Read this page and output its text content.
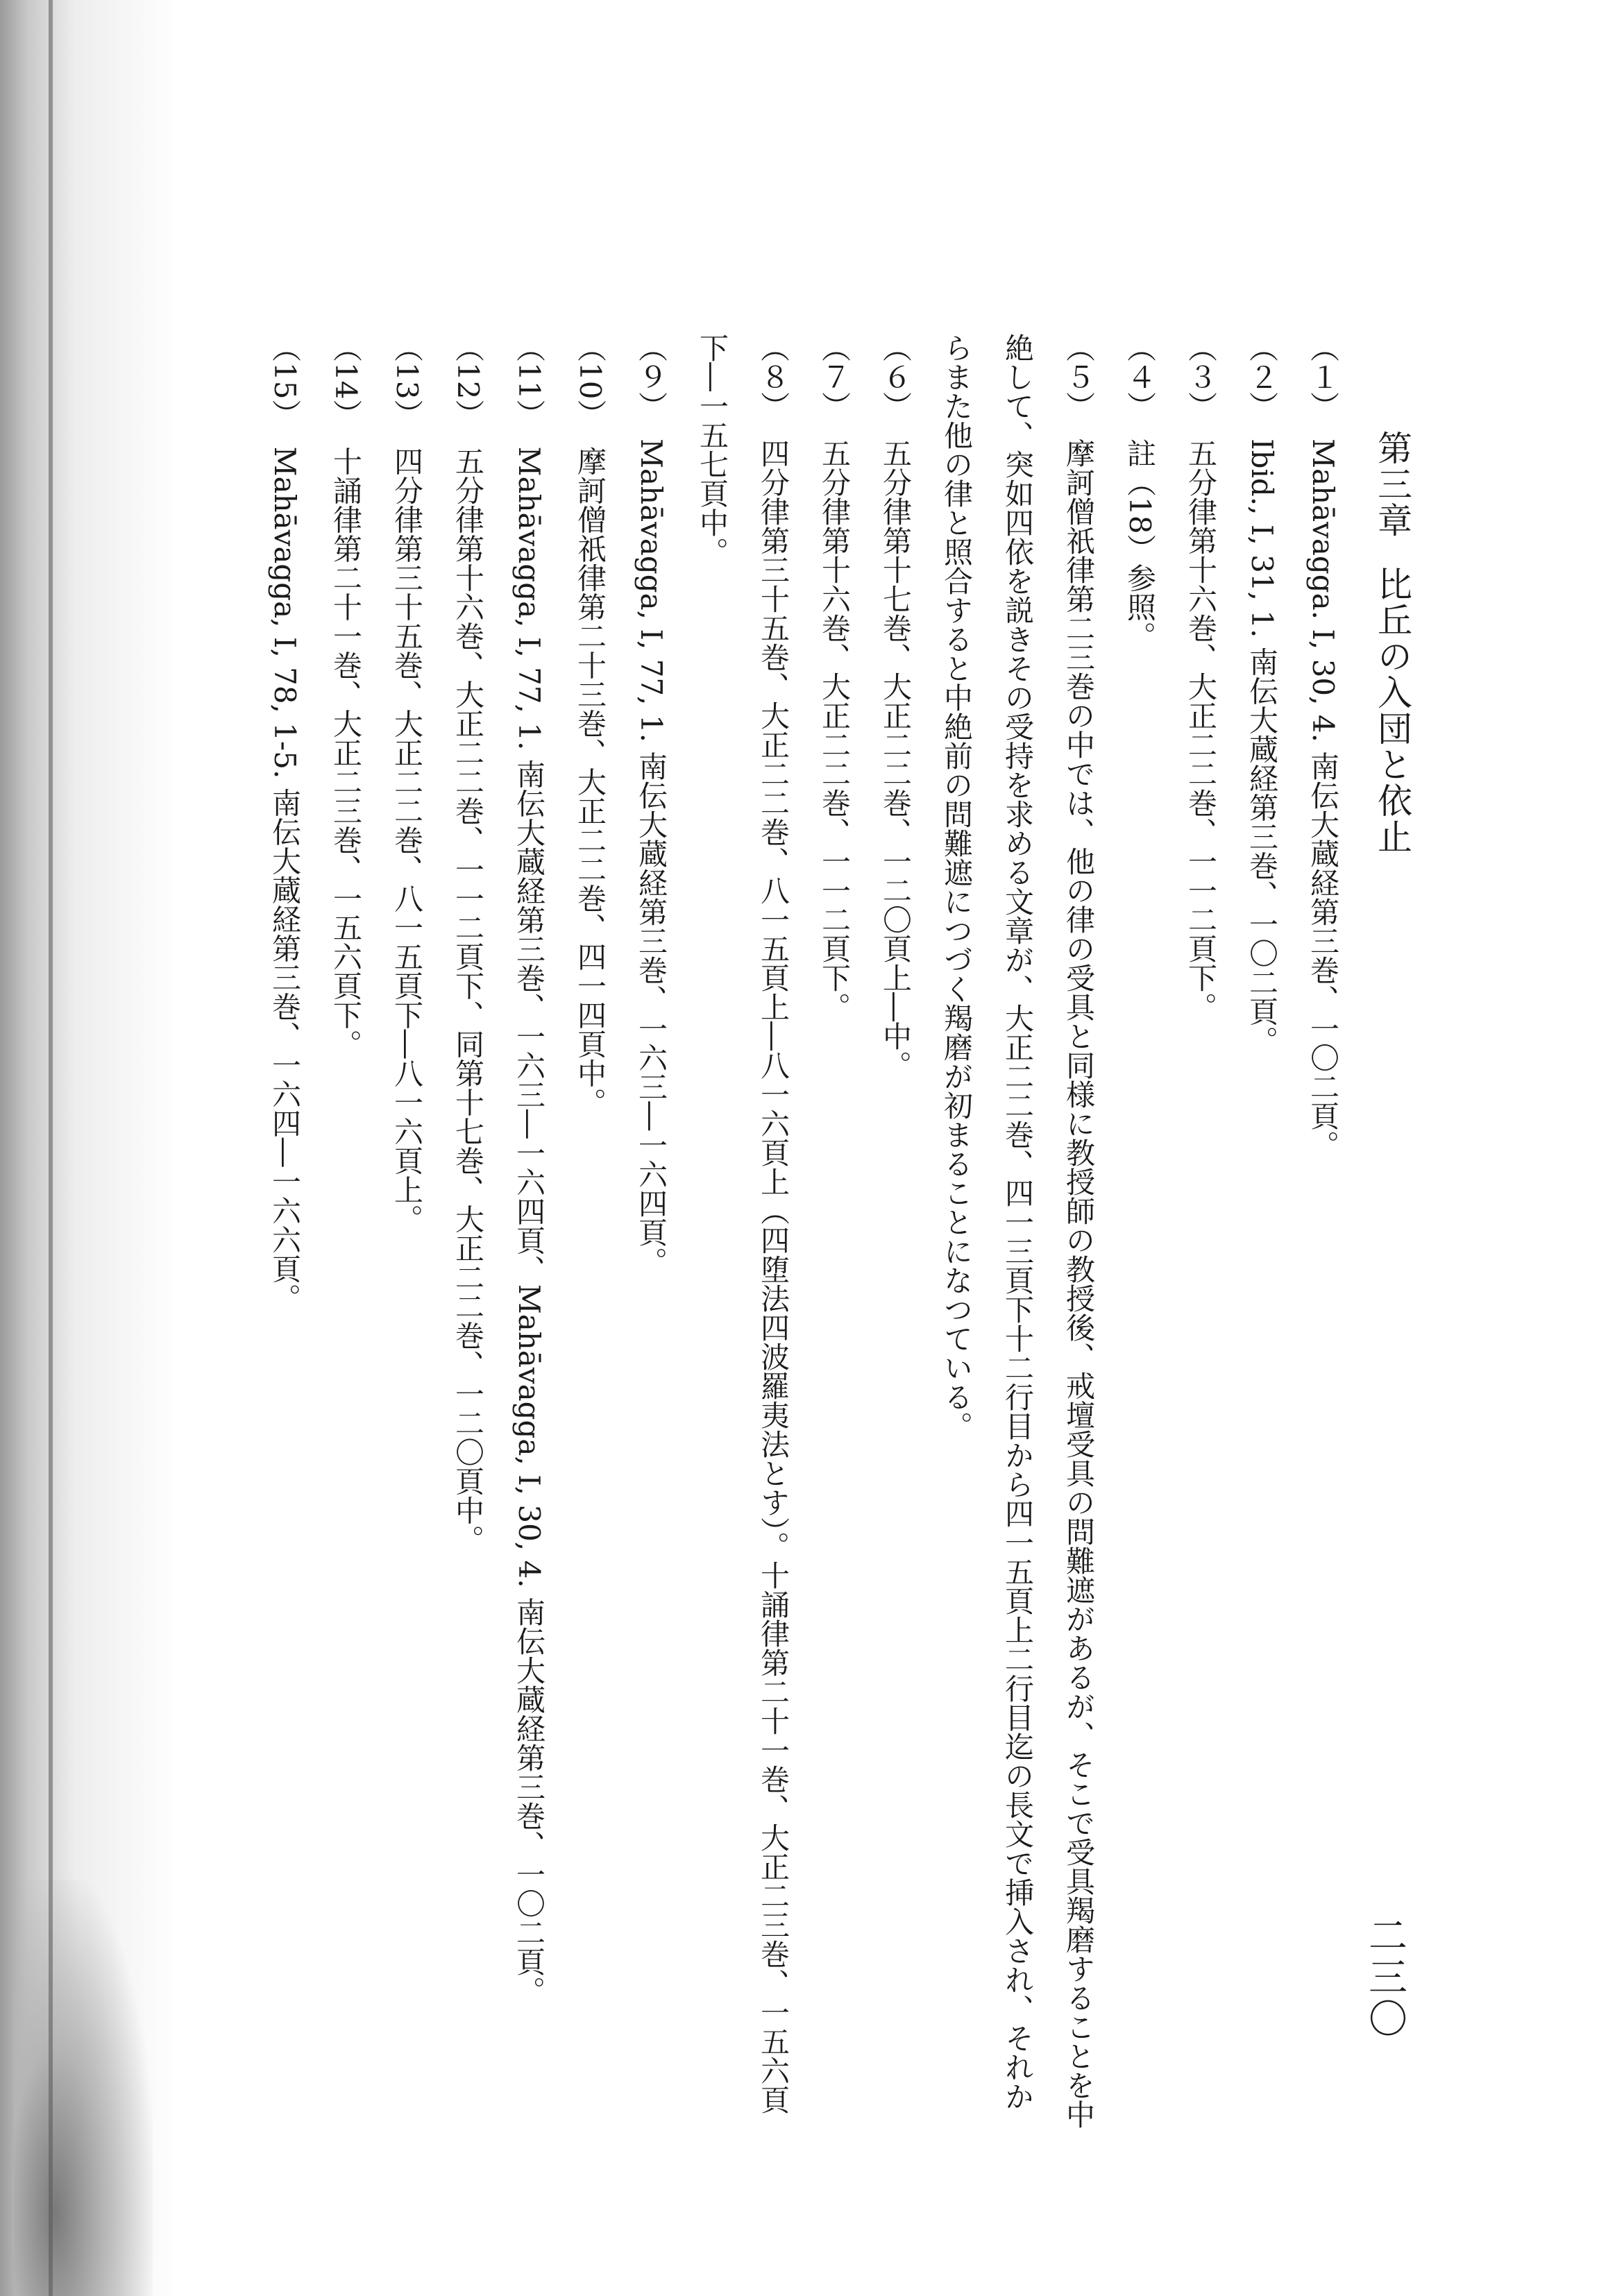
二三〇
第三章比丘の入団と依止
（１）Mahāvagga. I, 30, 4. 南伝大蔵経第三巻、一〇二頁。
（２）Ibid., I, 31, 1. 南伝大蔵経第三巻、一〇二頁。
（３）五分律第十六巻、大正二二巻、一一二頁下。
（４）註（18）参照。
（５）摩訶僧祇律第二三巻の中では、他の律の受具と同様に教授師の教授後、戒壇受具の問難遮があるが、そこで受具羯磨することを中絶して、突如四依を説きその受持を求める文章が、大正二二巻、四一三頁下十二行目から四一五頁上二行目迄の長文で挿入され、それからまた他の律と照合すると中絶前の問難遮につづく羯磨が初まることになつている。
（６）五分律第十七巻、大正二二巻、一二〇頁上―中。
（７）五分律第十六巻、大正二二巻、一一二頁下。
（８）四分律第三十五巻、大正二二巻、八一五頁上―八一六頁上（四堕法四波羅夷法とす）。十誦律第二十一巻、大正二三巻、一五六頁下―一五七頁中。
（９）Mahāvagga, I, 77, 1. 南伝大蔵経第三巻、一六三―一六四頁。
（10）摩訶僧祇律第二十三巻、大正二二巻、四一四頁中。
（11）Mahāvagga, I, 77, 1. 南伝大蔵経第三巻、一六三―一六四頁、Mahāvagga, I, 30, 4. 南伝大蔵経第三巻、一〇二頁。
（12）五分律第十六巻、大正二二巻、一一二頁下、同第十七巻、大正二二巻、一二〇頁中。
（13）四分律第三十五巻、大正二二巻、八一五頁下―八一六頁上。
（14）十誦律第二十一巻、大正二三巻、一五六頁下。
（15）Mahāvagga, I, 78, 1-5. 南伝大蔵経第三巻、一六四―一六六頁。
